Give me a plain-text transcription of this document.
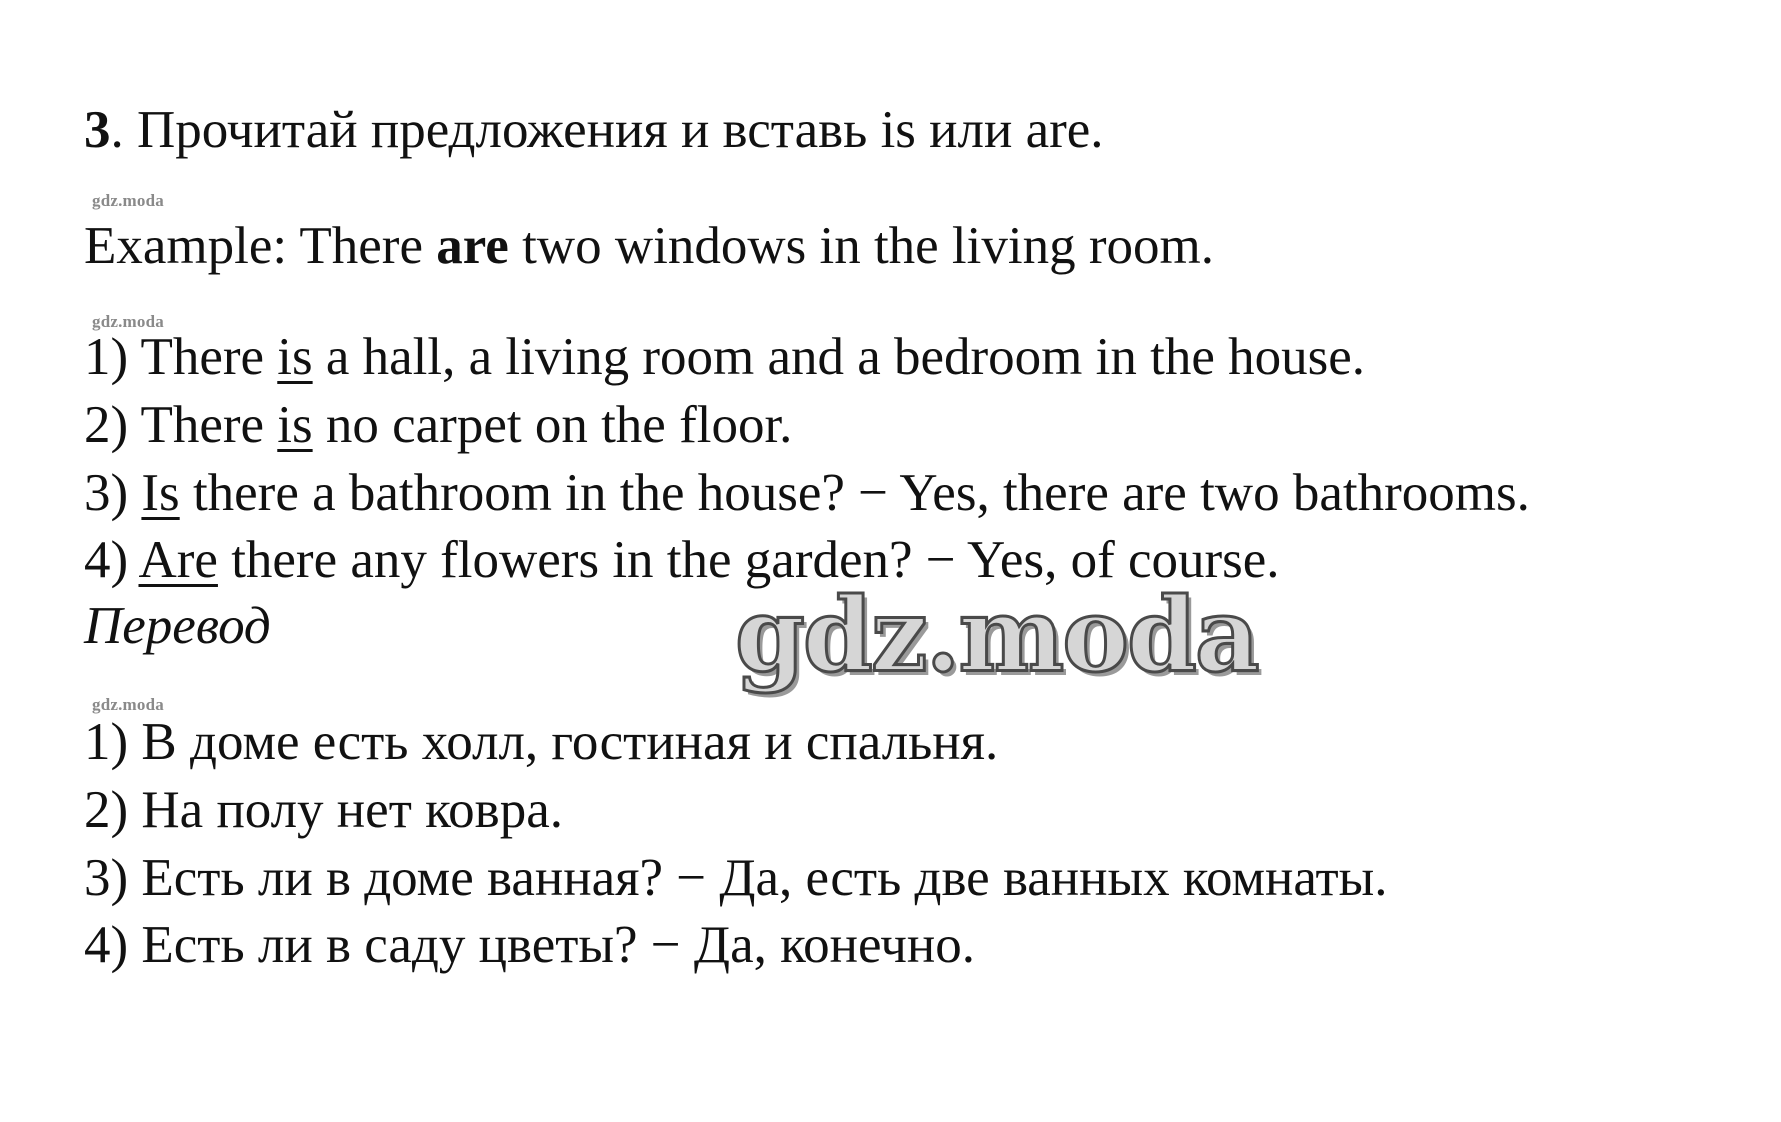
3. Прочитай предложения и вставь is или are.
gdz.moda
Example: There are two windows in the living room.
gdz.moda
1) There is a hall, a living room and a bedroom in the house.
2) There is no carpet on the floor.
3) Is there a bathroom in the house? − Yes, there are two bathrooms.
4) Are there any flowers in the garden? − Yes, of course.
Перевод	gdz.moda
gdz.moda
1) В доме есть холл, гостиная и спальня.
2) На полу нет ковра.
3) Есть ли в доме ванная? − Да, есть две ванных комнаты.
4) Есть ли в саду цветы? − Да, конечно.
